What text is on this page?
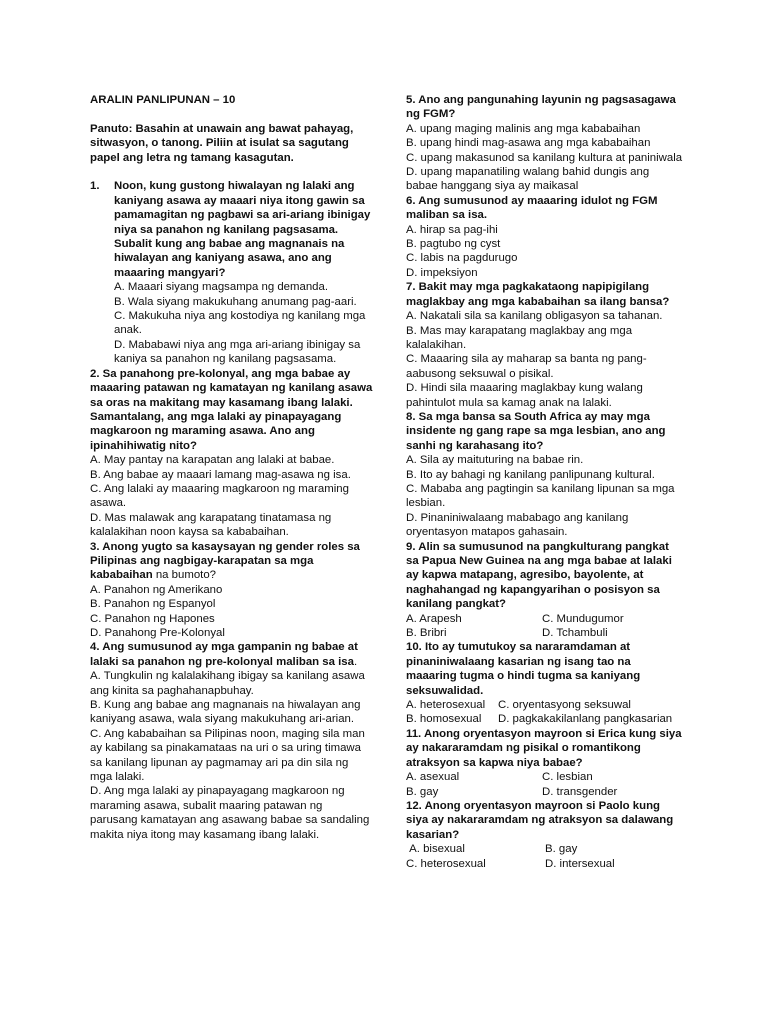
ARALIN PANLIPUNAN – 10
Panuto: Basahin at unawain ang bawat pahayag, sitwasyon, o tanong. Piliin at isulat sa sagutang papel ang letra ng tamang kasagutan.
1.	Noon, kung gustong hiwalayan ng lalaki ang kaniyang asawa ay maaari niya itong gawin sa pamamagitan ng pagbawi sa ari-ariang ibinigay niya sa panahon ng kanilang pagsasama. Subalit kung ang babae ang magnanais na hiwalayan ang kaniyang asawa, ano ang maaaring mangyari?
A. Maaari siyang magsampa ng demanda.
B. Wala siyang makukuhang anumang pag-aari.
C. Makukuha niya ang kostodiya ng kanilang mga anak.
D. Mababawi niya ang mga ari-ariang ibinigay sa kaniya sa panahon ng kanilang pagsasama.
2. Sa panahong pre-kolonyal, ang mga babae ay maaaring patawan ng kamatayan ng kanilang asawa sa oras na makitang may kasamang ibang lalaki. Samantalang, ang mga lalaki ay pinapayagang magkaroon ng maraming asawa. Ano ang ipinahihiwatig nito?
A. May pantay na karapatan ang lalaki at babae.
B. Ang babae ay maaari lamang mag-asawa ng isa.
C. Ang lalaki ay maaaring magkaroon ng maraming asawa.
D. Mas malawak ang karapatang tinatamasa ng kalalakihan noon kaysa sa kababaihan.
3. Anong yugto sa kasaysayan ng gender roles sa Pilipinas ang nagbigay-karapatan sa mga kababaihan na bumoto?
A. Panahon ng Amerikano
B. Panahon ng Espanyol
C. Panahon ng Hapones
D. Panahong Pre-Kolonyal
4. Ang sumusunod ay mga gampanin ng babae at lalaki sa panahon ng pre-kolonyal maliban sa isa.
A. Tungkulin ng kalalakihang ibigay sa kanilang asawa ang kinita sa paghahanapbuhay.
B. Kung ang babae ang magnanais na hiwalayan ang kaniyang asawa, wala siyang makukuhang ari-arian.
C. Ang kababaihan sa Pilipinas noon, maging sila man ay kabilang sa pinakamataas na uri o sa uring timawa sa kanilang lipunan ay pagmamay ari pa din sila ng mga lalaki.
D. Ang mga lalaki ay pinapayagang magkaroon ng maraming asawa, subalit maaring patawan ng parusang kamatayan ang asawang babae sa sandaling makita niya itong may kasamang ibang lalaki.
5. Ano ang pangunahing layunin ng pagsasagawa ng FGM?
A. upang maging malinis ang mga kababaihan
B. upang hindi mag-asawa ang mga kababaihan
C. upang makasunod sa kanilang kultura at paniniwala
D. upang mapanatiling walang bahid dungis ang babae hanggang siya ay maikasal
6. Ang sumusunod ay maaaring idulot ng FGM maliban sa isa.
A. hirap sa pag-ihi
B. pagtubo ng cyst
C. labis na pagdurugo
D. impeksiyon
7. Bakit may mga pagkakataong napipigilang maglakbay ang mga kababaihan sa ilang bansa?
A. Nakatali sila sa kanilang obligasyon sa tahanan.
B. Mas may karapatang maglakbay ang mga kalalakihan.
C. Maaaring sila ay maharap sa banta ng pang-aabusong seksuwal o pisikal.
D. Hindi sila maaaring maglakbay kung walang pahintulot mula sa kamag anak na lalaki.
8. Sa mga bansa sa South Africa ay may mga insidente ng gang rape sa mga lesbian, ano ang sanhi ng karahasang ito?
A. Sila ay maituturing na babae rin.
B. Ito ay bahagi ng kanilang panlipunang kultural.
C. Mababa ang pagtingin sa kanilang lipunan sa mga lesbian.
D. Pinaniniwalaang mababago ang kanilang oryentasyon matapos gahasain.
9. Alin sa sumusunod na pangkulturang pangkat sa Papua New Guinea na ang mga babae at lalaki ay kapwa matapang, agresibo, bayolente, at naghahangad ng kapangyarihan o posisyon sa kanilang pangkat?
A. Arapesh	C. Mundugumor
B. Bribri	D. Tchambuli
10. Ito ay tumutukoy sa nararamdaman at pinaniniwalaang kasarian ng isang tao na maaaring tugma o hindi tugma sa kaniyang seksuwalidad.
A. heterosexual	C. oryentasyong seksuwal
B. homosexual	D. pagkakakilanlang pangkasarian
11. Anong oryentasyon mayroon si Erica kung siya ay nakararamdam ng pisikal o romantikong atraksyon sa kapwa niya babae?
A. asexual	C. lesbian
B. gay	D. transgender
12. Anong oryentasyon mayroon si Paolo kung siya ay nakararamdam ng atraksyon sa dalawang kasarian?
A. bisexual	B. gay
C. heterosexual	D. intersexual
